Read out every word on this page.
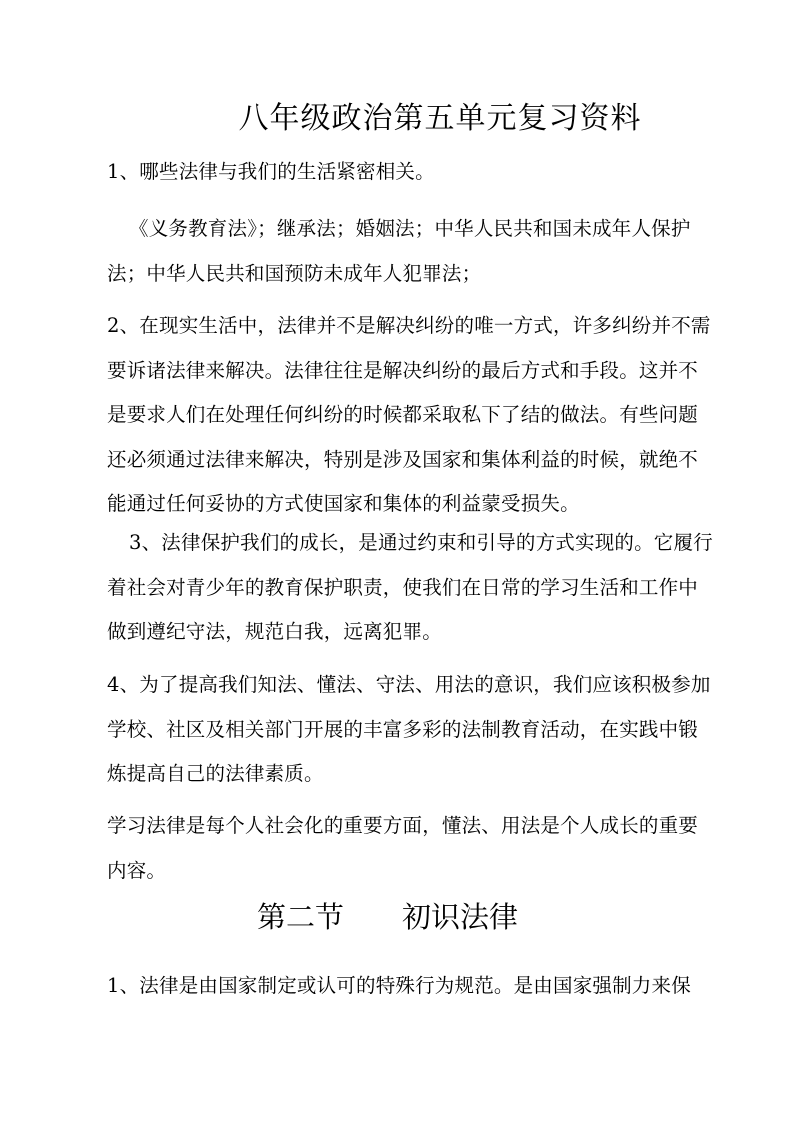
八年级政治第五单元复习资料

1、哪些法律与我们的生活紧密相关。

《义务教育法》；继承法；婚姻法；中华人民共和国未成年人保护法；中华人民共和国预防未成年人犯罪法；

2、在现实生活中，法律并不是解决纠纷的唯一方式，许多纠纷并不需要诉诸法律来解决。法律往往是解决纠纷的最后方式和手段。这并不是要求人们在处理任何纠纷的时候都采取私下了结的做法。有些问题还必须通过法律来解决，特别是涉及国家和集体利益的时候，就绝不能通过任何妥协的方式使国家和集体的利益蒙受损失。

3、法律保护我们的成长，是通过约束和引导的方式实现的。它履行着社会对青少年的教育保护职责，使我们在日常的学习生活和工作中做到遵纪守法，规范白我，远离犯罪。

4、为了提高我们知法、懂法、守法、用法的意识，我们应该积极参加学校、社区及相关部门开展的丰富多彩的法制教育活动，在实践中锻炼提高自己的法律素质。

学习法律是每个人社会化的重要方面，懂法、用法是个人成长的重要内容。

第二节　　初识法律

1、法律是由国家制定或认可的特殊行为规范。是由国家强制力来保
